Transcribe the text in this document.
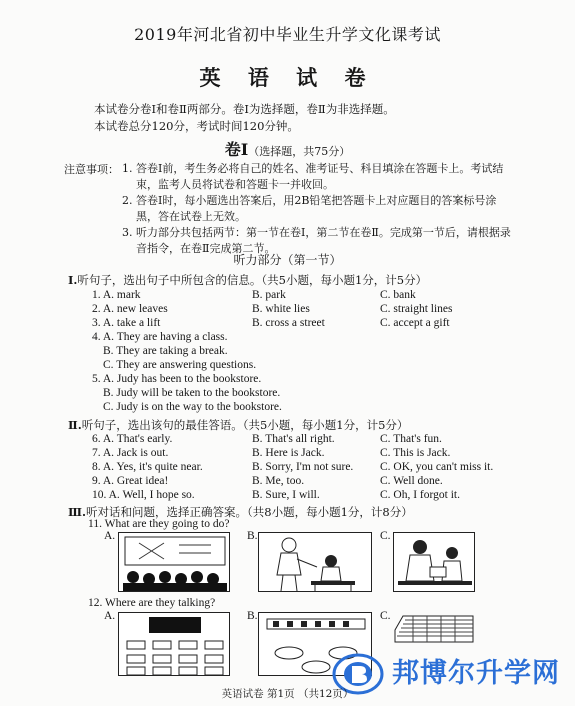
2019年河北省初中毕业生升学文化课考试
英 语 试 卷
本试卷分卷Ⅰ和卷Ⅱ两部分。卷Ⅰ为选择题，卷Ⅱ为非选择题。
本试卷总分120分，考试时间120分钟。
卷Ⅰ（选择题，共75分）
注意事项： 1. 答卷Ⅰ前，考生务必将自己的姓名、准考证号、科目填涂在答题卡上。考试结束，监考人员将试卷和答题卡一并收回。
2. 答卷Ⅰ时，每小题选出答案后，用2B铅笔把答题卡上对应题目的答案标号涂黑，答在试卷上无效。
3. 听力部分共包括两节：第一节在卷Ⅰ，第二节在卷Ⅱ。完成第一节后，请根据录音指令，在卷Ⅱ完成第二节。
听力部分（第一节）
Ⅰ.听句子，选出句子中所包含的信息。（共5小题，每小题1分，计5分）
1. A. mark	B. park	C. bank
2. A. new leaves	B. white lies	C. straight lines
3. A. take a lift	B. cross a street	C. accept a gift
4. A. They are having a class.
B. They are taking a break.
C. They are answering questions.
5. A. Judy has been to the bookstore.
B. Judy will be taken to the bookstore.
C. Judy is on the way to the bookstore.
Ⅱ.听句子，选出该句的最佳答语。（共5小题，每小题1分，计5分）
6. A. That's early.	B. That's all right.	C. That's fun.
7. A. Jack is out.	B. Here is Jack.	C. This is Jack.
8. A. Yes, it's quite near.	B. Sorry, I'm not sure. C. OK, you can't miss it.
9. A. Great idea!	B. Me, too.	C. Well done.
10. A. Well, I hope so.	B. Sure, I will.	C. Oh, I forgot it.
Ⅲ.听对话和问题，选择正确答案。（共8小题，每小题1分，计8分）
11. What are they going to do?
A.	B.	C.
12. Where are they talking?
A.	B.	C.
邦博尔升学网
英语试卷 第1页 （共12页）
